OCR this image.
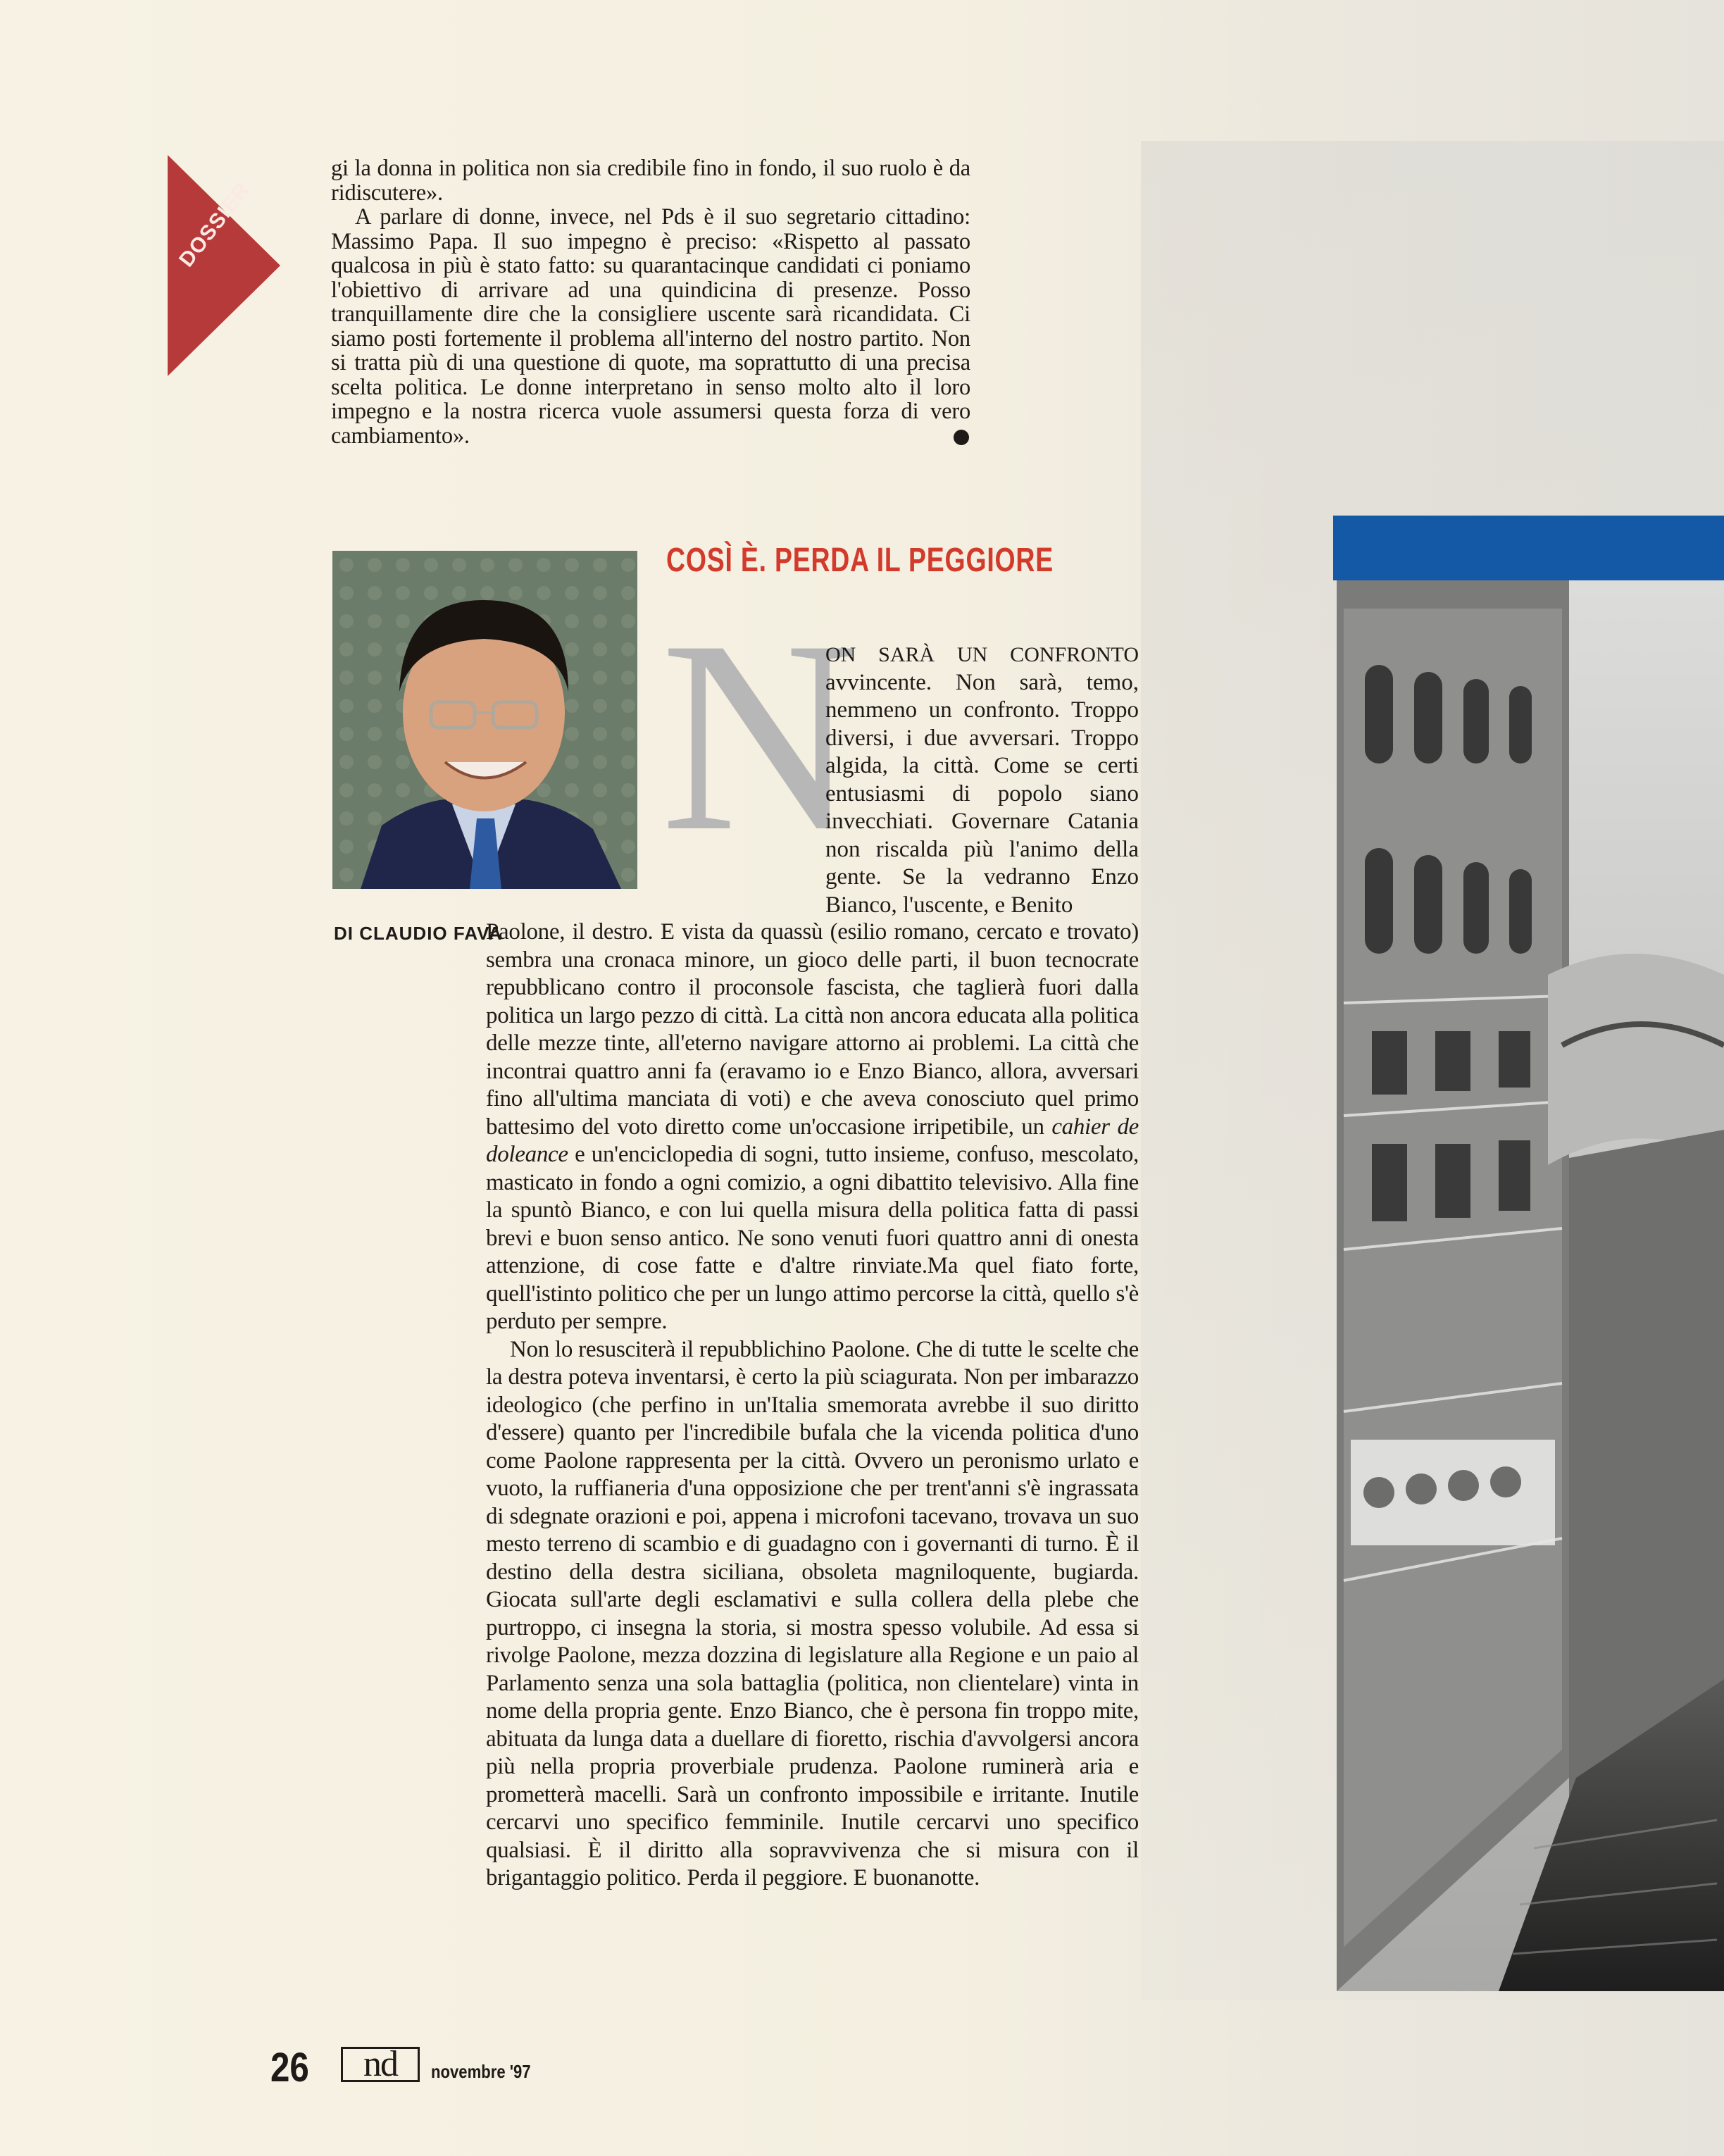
DOSSIER

gi la donna in politica non sia credibile fino in fondo, il suo ruolo è da ridiscutere».

A parlare di donne, invece, nel Pds è il suo segretario cittadino: Massimo Papa. Il suo impegno è preciso: «Rispetto al passato qualcosa in più è stato fatto: su quarantacinque candidati ci poniamo l'obiettivo di arrivare ad una quindicina di presenze. Posso tranquillamente dire che la consigliere uscente sarà ricandidata. Ci siamo posti fortemente il problema all'interno del nostro partito. Non si tratta più di una questione di quote, ma soprattutto di una precisa scelta politica. Le donne interpretano in senso molto alto il loro impegno e la nostra ricerca vuole assumersi questa forza di vero cambiamento».

COSÌ È. PERDA IL PEGGIORE
N
ON SARÀ UN CONFRONTO avvincente. Non sarà, temo, nemmeno un confronto. Troppo diversi, i due avversari. Troppo algida, la città. Come se certi entusiasmi di popolo siano invecchiati. Governare Catania non riscalda più l'animo della gente. Se la vedranno Enzo Bianco, l'uscente, e Benito
DI CLAUDIO FAVA

Paolone, il destro. E vista da quassù (esilio romano, cercato e trovato) sembra una cronaca minore, un gioco delle parti, il buon tecnocrate repubblicano contro il proconsole fascista, che taglierà fuori dalla politica un largo pezzo di città. La città non ancora educata alla politica delle mezze tinte, all'eterno navigare attorno ai problemi. La città che incontrai quattro anni fa (eravamo io e Enzo Bianco, allora, avversari fino all'ultima manciata di voti) e che aveva conosciuto quel primo battesimo del voto diretto come un'occasione irripetibile, un cahier de doleance e un'enciclopedia di sogni, tutto insieme, confuso, mescolato, masticato in fondo a ogni comizio, a ogni dibattito televisivo. Alla fine la spuntò Bianco, e con lui quella misura della politica fatta di passi brevi e buon senso antico. Ne sono venuti fuori quattro anni di onesta attenzione, di cose fatte e d'altre rinviate.Ma quel fiato forte, quell'istinto politico che per un lungo attimo percorse la città, quello s'è perduto per sempre.

Non lo resusciterà il repubblichino Paolone. Che di tutte le scelte che la destra poteva inventarsi, è certo la più sciagurata. Non per imbarazzo ideologico (che perfino in un'Italia smemorata avrebbe il suo diritto d'essere) quanto per l'incredibile bufala che la vicenda politica d'uno come Paolone rappresenta per la città. Ovvero un peronismo urlato e vuoto, la ruffianeria d'una opposizione che per trent'anni s'è ingrassata di sdegnate orazioni e poi, appena i microfoni tacevano, trovava un suo mesto terreno di scambio e di guadagno con i governanti di turno. È il destino della destra siciliana, obsoleta magniloquente, bugiarda. Giocata sull'arte degli esclamativi e sulla collera della plebe che purtroppo, ci insegna la storia, si mostra spesso volubile. Ad essa si rivolge Paolone, mezza dozzina di legislature alla Regione e un paio al Parlamento senza una sola battaglia (politica, non clientelare) vinta in nome della propria gente. Enzo Bianco, che è persona fin troppo mite, abituata da lunga data a duellare di fioretto, rischia d'avvolgersi ancora più nella propria proverbiale prudenza. Paolone ruminerà aria e prometterà macelli. Sarà un confronto impossibile e irritante. Inutile cercarvi uno specifico femminile. Inutile cercarvi uno specifico qualsiasi. È il diritto alla sopravvivenza che si misura con il brigantaggio politico. Perda il peggiore. E buonanotte.

26	nd	novembre '97
